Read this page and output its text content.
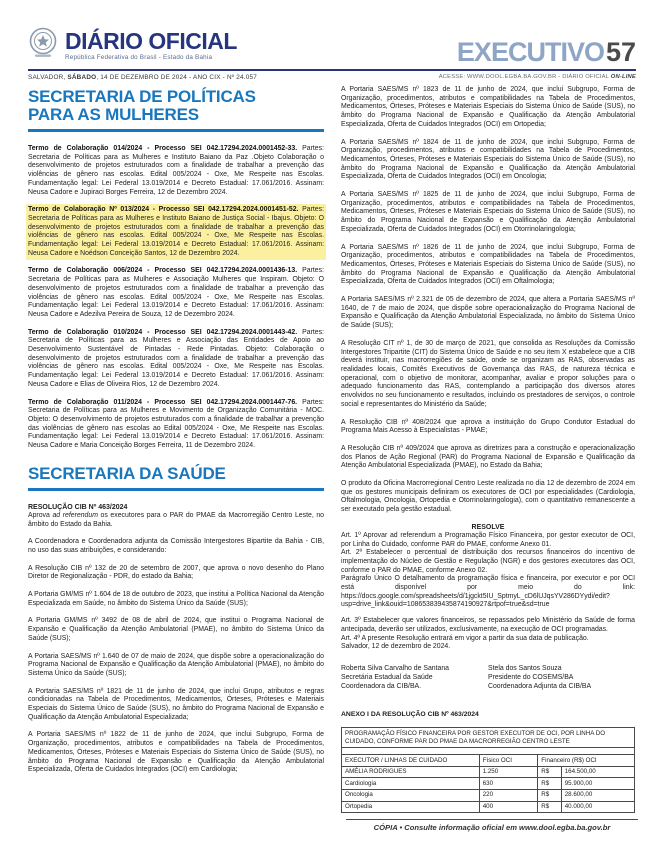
DIÁRIO OFICIAL
República Federativa do Brasil - Estado da Bahia	EXECUTIVO 57
SALVADOR, SÁBADO, 14 DE DEZEMBRO DE 2024 - ANO CIX - Nº 24.057	ACESSE: WWW.DOOL.EGBA.BA.GOV.BR - DIÁRIO OFICIAL ON-LINE
SECRETARIA DE POLÍTICAS
PARA AS MULHERES

Termo de Colaboração 014/2024 - Processo SEI 042.17294.2024.0001452-33. Partes: Secretaria de Políticas para as Mulheres e Instituto Baiano da Paz .Objeto Colaboração o desenvolvimento de projetos estruturados com a finalidade de trabalhar a prevenção das violências de gênero nas escolas. Edital 005/2024 - Oxe, Me Respeite nas Escolas. Fundamentação legal: Lei Federal 13.019/2014 e Decreto Estadual: 17.061/2016. Assinam: Neusa Cadore e Jupiraci Borges Ferreira, 12 de Dezembro 2024.

Termo de Colaboração Nº 013/2024 - Processo SEI 042.17294.2024.0001451-52. Partes: Secretaria de Políticas para as Mulheres e Instituto Baiano de Justiça Social - Ibajus. Objeto: O desenvolvimento de projetos estruturados com a finalidade de trabalhar a prevenção das violências de gênero nas escolas. Edital 005/2024 - Oxe, Me Respeite nas Escolas. Fundamentação legal: Lei Federal 13.019/2014 e Decreto Estadual: 17.061/2016. Assinam: Neusa Cadore e Noédson Conceição Santos, 12 de Dezembro 2024.

Termo de Colaboração 006/2024 - Processo SEI 042.17294.2024.0001436-13. Partes: Secretaria de Políticas para as Mulheres e Associação Mulheres que Inspiram. Objeto: O desenvolvimento de projetos estruturados com a finalidade de trabalhar a prevenção das violências de gênero nas escolas. Edital 005/2024 - Oxe, Me Respeite nas Escolas. Fundamentação legal: Lei Federal 13.019/2014 e Decreto Estadual: 17.061/2016. Assinam: Neusa Cadore e Adezilva Pereira de Souza, 12 de Dezembro 2024.

Termo de Colaboração 010/2024 - Processo SEI 042.17294.2024.0001443-42. Partes: Secretaria de Políticas para as Mulheres e Associação das Entidades de Apoio ao Desenvolvimento Sustentável de Pintadas - Rede Pintadas. Objeto: Colaboração o desenvolvimento de projetos estruturados com a finalidade de trabalhar a prevenção das violências de gênero nas escolas. Edital 005/2024 - Oxe, Me Respeite nas Escolas. Fundamentação legal: Lei Federal 13.019/2014 e Decreto Estadual: 17.061/2016. Assinam: Neusa Cadore e Elias de Oliveira Rios, 12 de Dezembro 2024.

Termo de Colaboração 011/2024 - Processo SEI 042.17294.2024.0001447-76. Partes: Secretaria de Políticas para as Mulheres e Movimento de Organização Comunitária - MOC. Objeto: O desenvolvimento de projetos estruturados com a finalidade de trabalhar a prevenção das violências de gênero nas escolas ao Edital 005/2024 - Oxe, Me Respeite nas Escolas. Fundamentação legal: Lei Federal 13.019/2014 e Decreto Estadual: 17.061/2016. Assinam: Neusa Cadore e Maria Conceição Borges Ferreira, 11 de Dezembro 2024.

SECRETARIA DA SAÚDE
RESOLUÇÃO CIB Nº 463/2024

Aprova ad referendum os executores para o PAR do PMAE da Macrorregião Centro Leste, no âmbito do Estado da Bahia.

A Coordenadora e Coordenadora adjunta da Comissão Intergestores Bipartite da Bahia - CIB, no uso das suas atribuições, e considerando:

A Resolução CIB nº 132 de 20 de setembro de 2007, que aprova o novo desenho do Plano Diretor de Regionalização - PDR, do estado da Bahia;

A Portaria GM/MS nº 1.604 de 18 de outubro de 2023, que institui a Política Nacional da Atenção Especializada em Saúde, no âmbito do Sistema Único da Saúde (SUS);

A Portaria GM/MS nº 3492 de 08 de abril de 2024, que institui o Programa Nacional de Expansão e Qualificação da Atenção Ambulatorial (PMAE), no âmbito do Sistema Único da Saúde (SUS);

A Portaria SAES/MS nº 1.640 de 07 de maio de 2024, que dispõe sobre a operacionalização do Programa Nacional de Expansão e Qualificação da Atenção Ambulatorial (PMAE), no âmbito do Sistema Único da Saúde (SUS);

A Portaria SAES/MS nº 1821 de 11 de junho de 2024, que inclui Grupo, atributos e regras condicionadas na Tabela de Procedimentos, Medicamentos, Órteses, Próteses e Materiais Especiais do Sistema Único de Saúde (SUS), no âmbito do Programa Nacional de Expansão e Qualificação da Atenção Ambulatorial Especializada;

A Portaria SAES/MS nº 1822 de 11 de junho de 2024, que inclui Subgrupo, Forma de Organização, procedimentos, atributos e compatibilidades na Tabela de Procedimentos, Medicamentos, Órteses, Próteses e Materiais Especiais do Sistema Único de Saúde (SUS), no âmbito do Programa Nacional de Expansão e Qualificação da Atenção Ambulatorial Especializada, Oferta de Cuidados Integrados (OCI) em Cardiologia;

A Portaria SAES/MS nº 1823 de 11 de junho de 2024, que inclui Subgrupo, Forma de Organização, procedimentos, atributos e compatibilidades na Tabela de Procedimentos, Medicamentos, Órteses, Próteses e Materiais Especiais do Sistema Único de Saúde (SUS), no âmbito do Programa Nacional de Expansão e Qualificação da Atenção Ambulatorial Especializada, Oferta de Cuidados Integrados (OCI) em Ortopedia;

A Portaria SAES/MS nº 1824 de 11 de junho de 2024, que inclui Subgrupo, Forma de Organização, procedimentos, atributos e compatibilidades na Tabela de Procedimentos, Medicamentos, Órteses, Próteses e Materiais Especiais do Sistema Único de Saúde (SUS), no âmbito do Programa Nacional de Expansão e Qualificação da Atenção Ambulatorial Especializada, Oferta de Cuidados Integrados (OCI) em Oncologia;

A Portaria SAES/MS nº 1825 de 11 de junho de 2024, que inclui Subgrupo, Forma de Organização, procedimentos, atributos e compatibilidades na Tabela de Procedimentos, Medicamentos, Órteses, Próteses e Materiais Especiais do Sistema Único de Saúde (SUS), no âmbito do Programa Nacional de Expansão e Qualificação da Atenção Ambulatorial Especializada, Oferta de Cuidados Integrados (OCI) em Otorrinolaringologia;

A Portaria SAES/MS nº 1826 de 11 de junho de 2024, que inclui Subgrupo, Forma de Organização, procedimentos, atributos e compatibilidades na Tabela de Procedimentos, Medicamentos, Órteses, Próteses e Materiais Especiais do Sistema Único de Saúde (SUS), no âmbito do Programa Nacional de Expansão e Qualificação da Atenção Ambulatorial Especializada, Oferta de Cuidados Integrados (OCI) em Oftalmologia;

A Portaria SAES/MS nº 2.321 de 05 de dezembro de 2024, que altera a Portaria SAES/MS nº 1640, de 7 de maio de 2024, que dispõe sobre operacionalização do Programa Nacional de Expansão e Qualificação da Atenção Ambulatorial Especializada, no âmbito do Sistema Único de Saúde (SUS);

A Resolução CIT nº 1, de 30 de março de 2021, que consolida as Resoluções da Comissão Intergestores Tripartite (CIT) do Sistema Único de Saúde e no seu item X estabelece que a CIB deverá instituir, nas macrorregiões de saúde, onde se organizam as RAS, observadas as realidades locais, Comitês Executivos de Governança das RAS, de natureza técnica e operacional, com o objetivo de monitorar, acompanhar, avaliar e propor soluções para o adequado funcionamento das RAS, contemplando a participação dos diversos atores envolvidos no seu funcionamento e resultados, incluindo os prestadores de serviços, o controle social e representantes do Ministério da Saúde;

A Resolução CIB nº 408/2024 que aprova a instituição do Grupo Condutor Estadual do Programa Mais Acesso à Especialistas - PMAE;

A Resolução CIB nº 409/2024 que aprova as diretrizes para a construção e operacionalização dos Planos de Ação Regional (PAR) do Programa Nacional de Expansão e Qualificação da Atenção Ambulatorial Especializada (PMAE), no Estado da Bahia;

O produto da Oficina Macrorregional Centro Leste realizada no dia 12 de dezembro de 2024 em que os gestores municipais definiram os executores de OCI por especialidades (Cardiologia, Oftalmologia, Oncologia, Ortopedia e Otorrinolaringologia), com o quantitativo remanescente a ser executado pela gestão estadual.

RESOLVE

Art. 1º Aprovar ad referendum a Programação Físico Financeira, por gestor executor de OCI, por Linha do Cuidado, conforme PAR do PMAE, conforme Anexo 01.

Art. 2º Estabelecer o percentual de distribuição dos recursos financeiros do incentivo de implementação do Núcleo de Gestão e Regulação (NGR) e dos gestores executores das OCI, conforme o PAR do PMAE, conforme Anexo 02.

Parágrafo Único O detalhamento da programação física e financeira, por executor e por OCI está disponível por meio do link: https://docs.google.com/spreadsheets/d/1jgckt5IU_SptmyL_cD6lUJqsYV286DYydi/edit?usp=drive_link&ouid=108653839435874190927&rtpof=true&sd=true

Art. 3º Estabelecer que valores financeiros, se repassados pelo Ministério da Saúde de forma antecipada, deverão ser utilizados, exclusivamente, na execução de OCI programadas.

Art. 4º A presente Resolução entrará em vigor a partir da sua data de publicação.

Salvador, 12 de dezembro de 2024.

Roberta Silva Carvalho de Santana
Secretária Estadual da Saúde
Coordenadora da CIB/BA.
Stela dos Santos Souza
Presidente do COSEMS/BA
Coordenadora Adjunta da CIB/BA
ANEXO I DA RESOLUÇÃO CIB Nº 463/2024
PROGRAMAÇÃO FÍSICO FINANCEIRA POR GESTOR EXECUTOR DE OCI, POR LINHA DO CUIDADO, CONFORME PAR DO PMAE DA MACRORREGIÃO CENTRO LESTE			

EXECUTOR / LINHAS DE CUIDADO	Físico OCI	Financeiro (R$) OCI	
AMÉLIA RODRIGUES	1.250	R$	164.500,00
Cardiologia	630	R$	95.900,00
Oncologia	220	R$	28.600,00
Ortopedia	400	R$	40.000,00
CÓPIA • Consulte informação oficial em www.dool.egba.ba.gov.br
